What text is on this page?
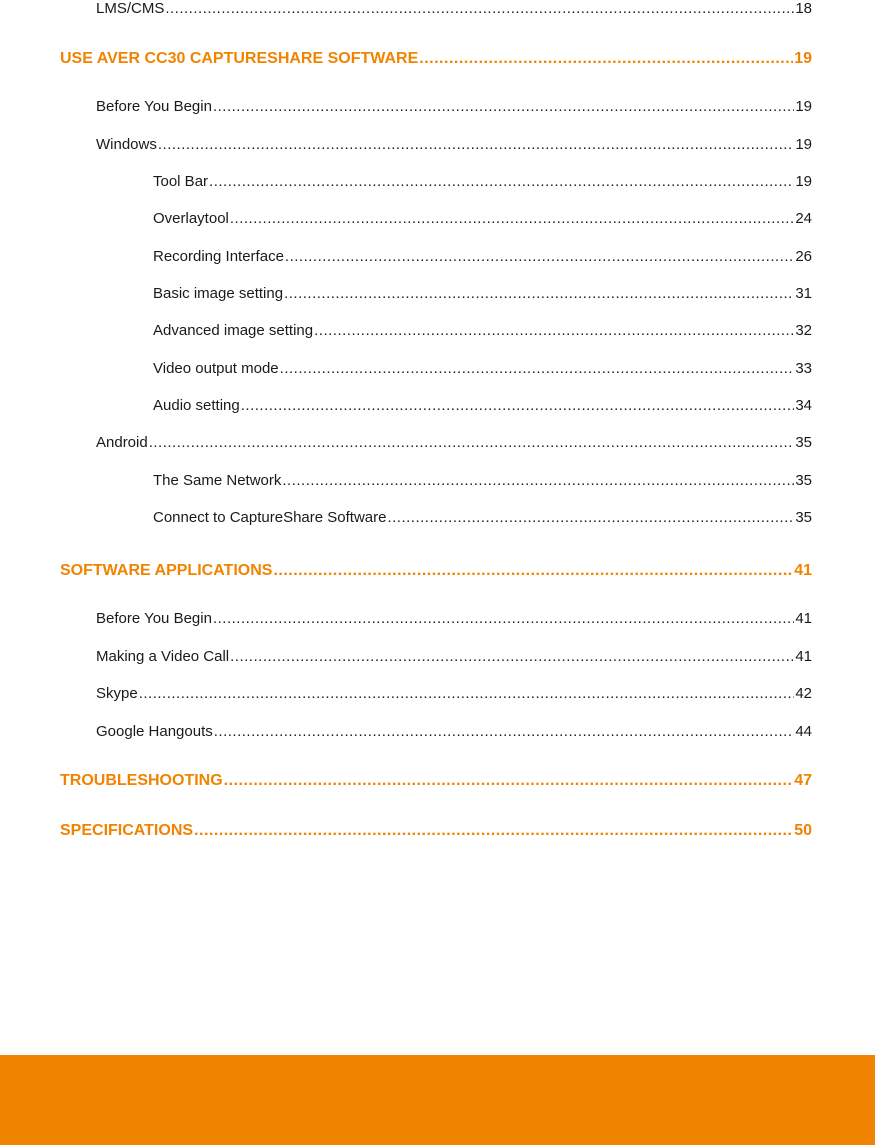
LMS/CMS .....	18
USE AVER CC30 CAPTURESHARE SOFTWARE .....	19
Before You Begin .....	19
Windows .....	19
Tool Bar .....	19
Overlaytool .....	24
Recording Interface .....	26
Basic image setting .....	31
Advanced image setting .....	32
Video output mode .....	33
Audio setting .....	34
Android .....	35
The Same Network .....	35
Connect to CaptureShare Software .....	35
SOFTWARE APPLICATIONS .....	41
Before You Begin .....	41
Making a Video Call .....	41
Skype .....	42
Google Hangouts .....	44
TROUBLESHOOTING .....	47
SPECIFICATIONS .....	50
